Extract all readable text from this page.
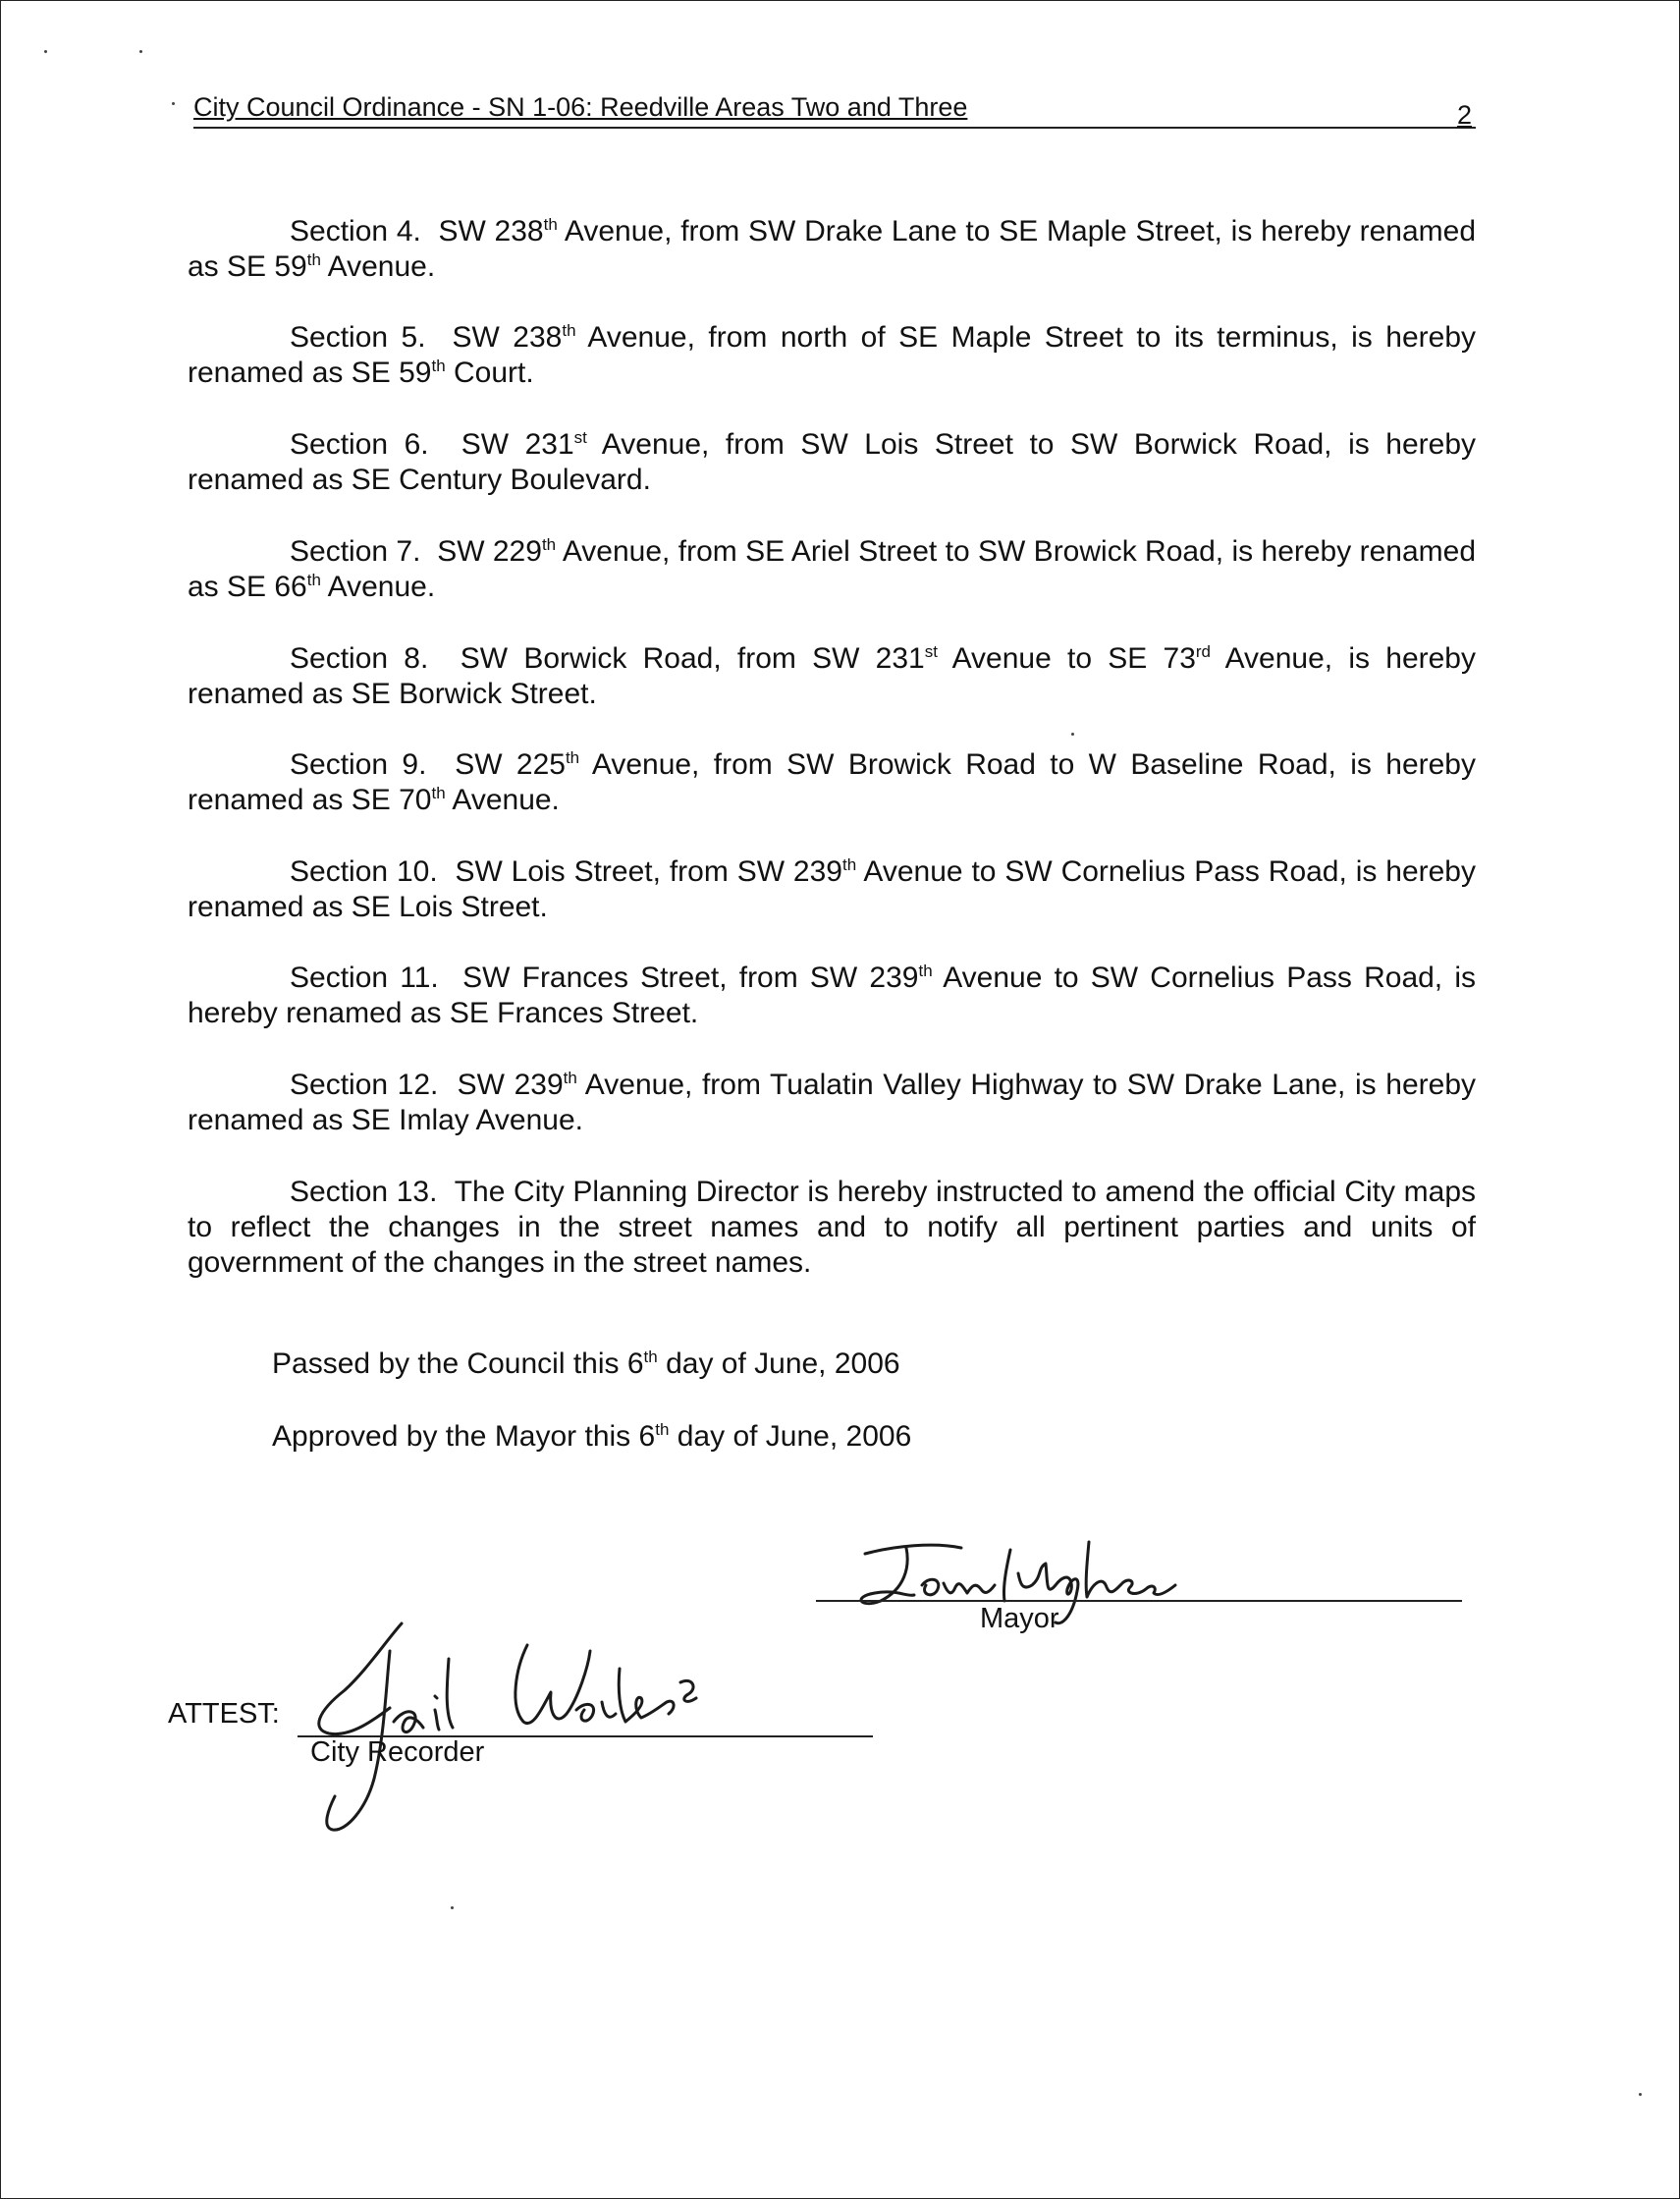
City Council Ordinance - SN 1-06: Reedville Areas Two and Three	2

Section 4. SW 238th Avenue, from SW Drake Lane to SE Maple Street, is hereby renamed as SE 59th Avenue.

Section 5. SW 238th Avenue, from north of SE Maple Street to its terminus, is hereby renamed as SE 59th Court.

Section 6. SW 231st Avenue, from SW Lois Street to SW Borwick Road, is hereby renamed as SE Century Boulevard.

Section 7. SW 229th Avenue, from SE Ariel Street to SW Browick Road, is hereby renamed as SE 66th Avenue.

Section 8. SW Borwick Road, from SW 231st Avenue to SE 73rd Avenue, is hereby renamed as SE Borwick Street.

Section 9. SW 225th Avenue, from SW Browick Road to W Baseline Road, is hereby renamed as SE 70th Avenue.

Section 10. SW Lois Street, from SW 239th Avenue to SW Cornelius Pass Road, is hereby renamed as SE Lois Street.

Section 11. SW Frances Street, from SW 239th Avenue to SW Cornelius Pass Road, is hereby renamed as SE Frances Street.

Section 12. SW 239th Avenue, from Tualatin Valley Highway to SW Drake Lane, is hereby renamed as SE Imlay Avenue.

Section 13. The City Planning Director is hereby instructed to amend the official City maps to reflect the changes in the street names and to notify all pertinent parties and units of government of the changes in the street names.

Passed by the Council this 6th day of June, 2006
Approved by the Mayor this 6th day of June, 2006
Mayor
ATTEST:
City Recorder
